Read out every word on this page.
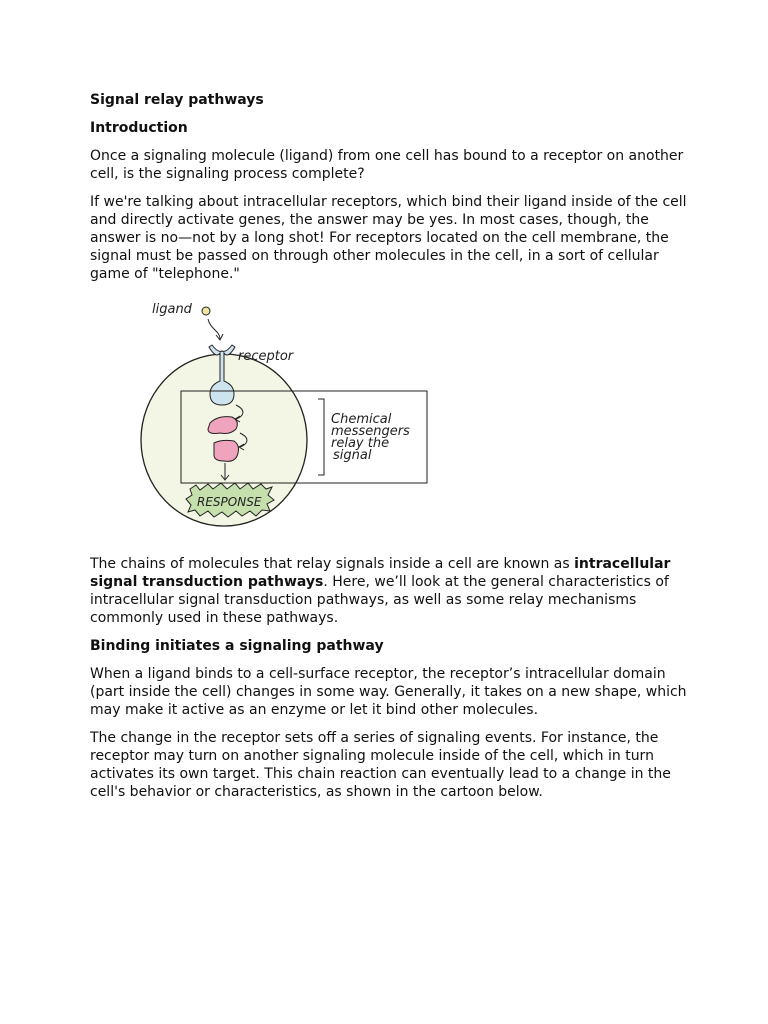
Signal relay pathways
Introduction

Once a signaling molecule (ligand) from one cell has bound to a receptor on another cell, is the signaling process complete?

If we're talking about intracellular receptors, which bind their ligand inside of the cell and directly activate genes, the answer may be yes. In most cases, though, the answer is no—not by a long shot! For receptors located on the cell membrane, the signal must be passed on through other molecules in the cell, in a sort of cellular game of "telephone."

ligand
receptor
Chemical
messengers
relay the
signal
RESPONSE

The chains of molecules that relay signals inside a cell are known as intracellular signal transduction pathways. Here, we’ll look at the general characteristics of intracellular signal transduction pathways, as well as some relay mechanisms commonly used in these pathways.

Binding initiates a signaling pathway

When a ligand binds to a cell-surface receptor, the receptor’s intracellular domain (part inside the cell) changes in some way. Generally, it takes on a new shape, which may make it active as an enzyme or let it bind other molecules.

The change in the receptor sets off a series of signaling events. For instance, the receptor may turn on another signaling molecule inside of the cell, which in turn activates its own target. This chain reaction can eventually lead to a change in the cell's behavior or characteristics, as shown in the cartoon below.
